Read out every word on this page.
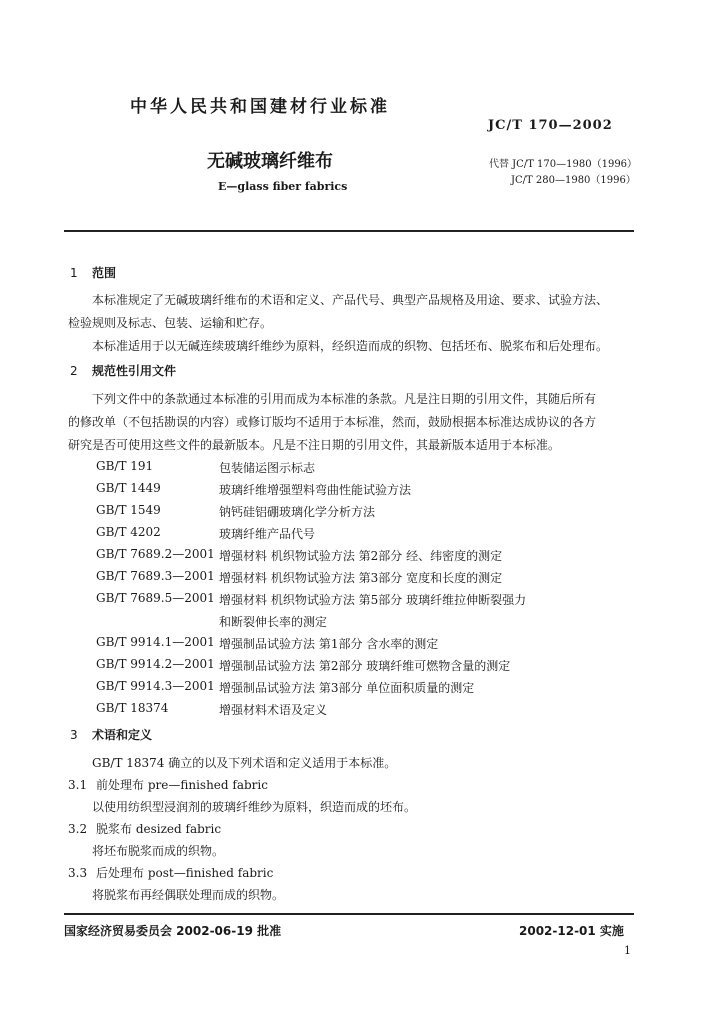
中华人民共和国建材行业标准
JC/T 170—2002
无碱玻璃纤维布
E—glass fiber fabrics
代替 JC/T 170—1980（1996）
JC/T 280—1980（1996）
1 范围
本标准规定了无碱玻璃纤维布的术语和定义、产品代号、典型产品规格及用途、要求、试验方法、
检验规则及标志、包装、运输和贮存。
本标准适用于以无碱连续玻璃纤维纱为原料，经织造而成的织物、包括坯布、脱浆布和后处理布。
2 规范性引用文件
下列文件中的条款通过本标准的引用而成为本标准的条款。凡是注日期的引用文件，其随后所有
的修改单（不包括勘误的内容）或修订版均不适用于本标准，然而，鼓励根据本标准达成协议的各方
研究是否可使用这些文件的最新版本。凡是不注日期的引用文件，其最新版本适用于本标准。
GB/T 191	包装储运图示标志
GB/T 1449	玻璃纤维增强塑料弯曲性能试验方法
GB/T 1549	钠钙硅铝硼玻璃化学分析方法
GB/T 4202	玻璃纤维产品代号
GB/T 7689.2—2001 增强材料 机织物试验方法 第2部分 经、纬密度的测定
GB/T 7689.3—2001 增强材料 机织物试验方法 第3部分 宽度和长度的测定
GB/T 7689.5—2001 增强材料 机织物试验方法 第5部分 玻璃纤维拉伸断裂强力
和断裂伸长率的测定
GB/T 9914.1—2001 增强制品试验方法 第1部分 含水率的测定
GB/T 9914.2—2001 增强制品试验方法 第2部分 玻璃纤维可燃物含量的测定
GB/T 9914.3—2001 增强制品试验方法 第3部分 单位面积质量的测定
GB/T 18374	增强材料术语及定义
3 术语和定义
GB/T 18374 确立的以及下列术语和定义适用于本标准。
3.1 前处理布 pre—finished fabric
以使用纺织型浸润剂的玻璃纤维纱为原料，织造而成的坯布。
3.2 脱浆布 desized fabric
将坯布脱浆而成的织物。
3.3 后处理布 post—finished fabric
将脱浆布再经偶联处理而成的织物。
国家经济贸易委员会 2002-06-19 批准	2002-12-01 实施
1
